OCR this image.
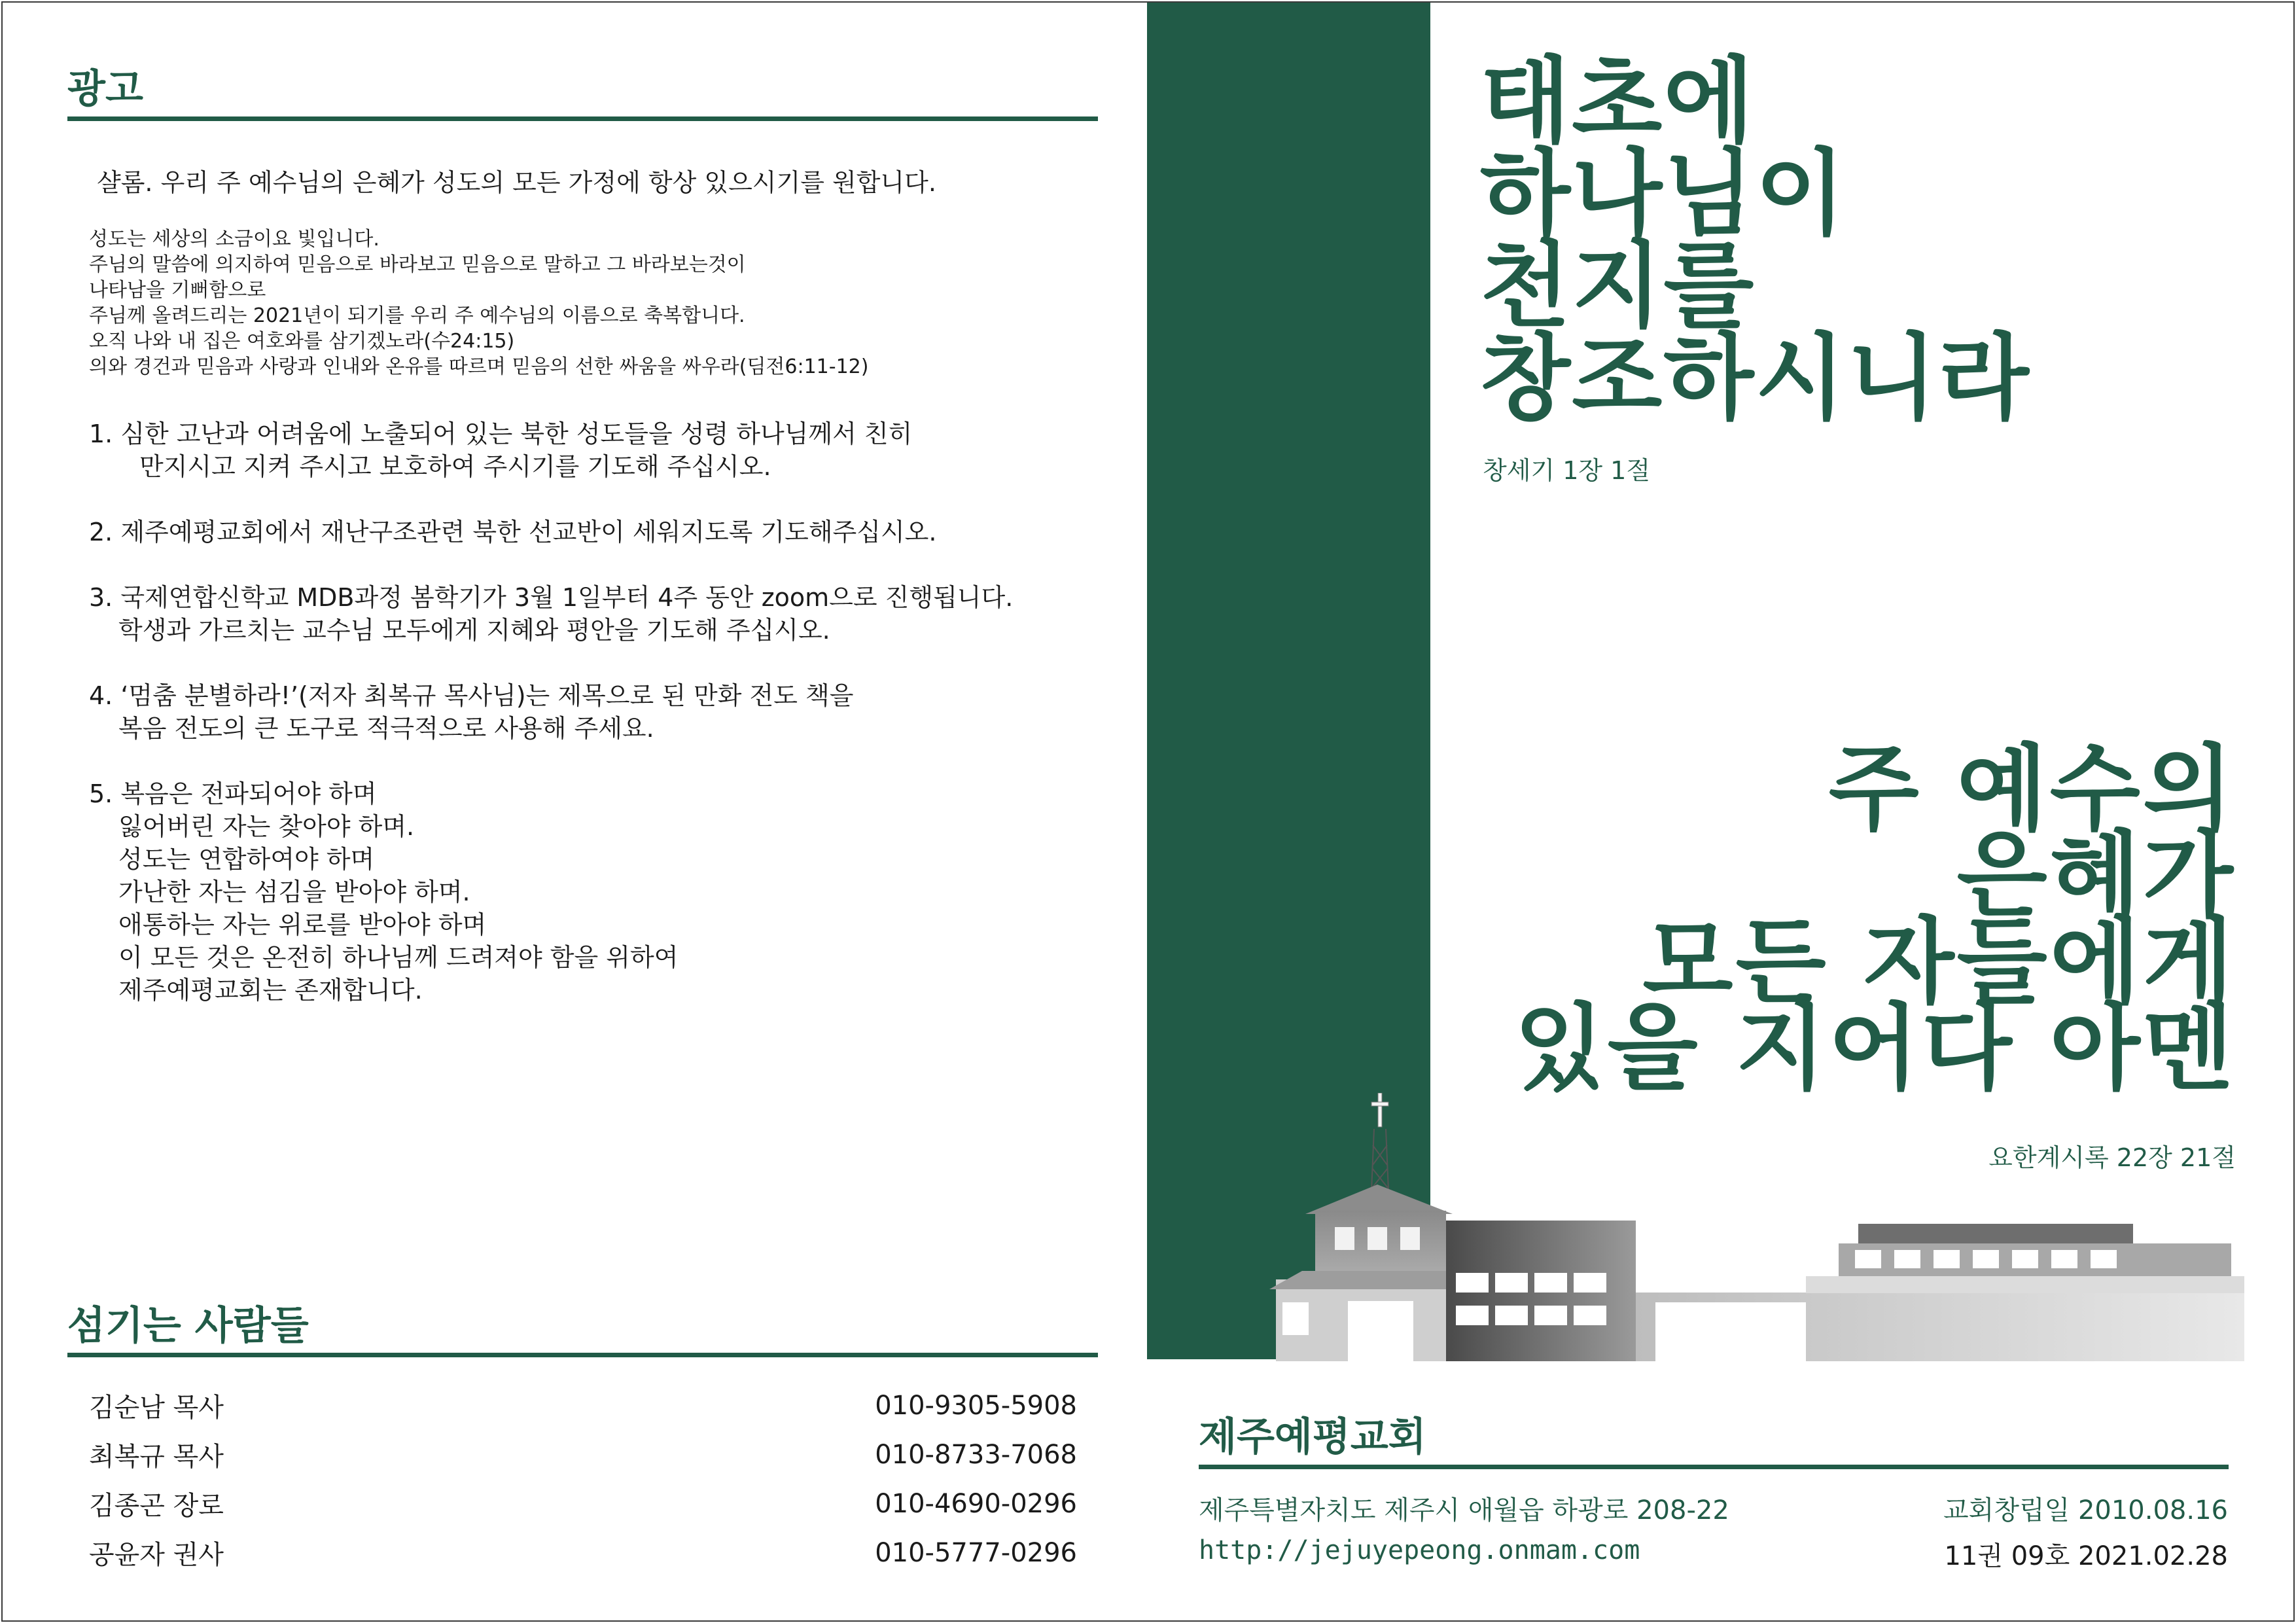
광고
샬롬. 우리 주 예수님의 은혜가 성도의 모든 가정에 항상 있으시기를 원합니다.
성도는 세상의 소금이요 빛입니다.
주님의 말씀에 의지하여 믿음으로 바라보고 믿음으로 말하고 그 바라보는것이
나타남을 기뻐함으로
주님께 올려드리는 2021년이 되기를 우리 주 예수님의 이름으로 축복합니다.
오직 나와 내 집은 여호와를 삼기겠노라(수24:15)
의와 경건과 믿음과 사랑과 인내와 온유를 따르며 믿음의 선한 싸움을 싸우라(딤전6:11-12)
1. 심한 고난과 어려움에 노출되어 있는 북한 성도들을 성령 하나님께서 친히
만지시고 지켜 주시고 보호하여 주시기를 기도해 주십시오.
2. 제주예평교회에서 재난구조관련 북한 선교반이 세워지도록 기도해주십시오.
3. 국제연합신학교 MDB과정 봄학기가 3월 1일부터 4주 동안 zoom으로 진행됩니다.
학생과 가르치는 교수님 모두에게 지혜와 평안을 기도해 주십시오.
4. ‘멈춤 분별하라!’(저자 최복규 목사님)는 제목으로 된 만화 전도 책을
복음 전도의 큰 도구로 적극적으로 사용해 주세요.
5. 복음은 전파되어야 하며
잃어버린 자는 찾아야 하며.
성도는 연합하여야 하며
가난한 자는 섬김을 받아야 하며.
애통하는 자는 위로를 받아야 하며
이 모든 것은 온전히 하나님께 드려져야 함을 위하여
제주예평교회는 존재합니다.
섬기는 사람들
김순남 목사	010-9305-5908
최복규 목사	010-8733-7068
김종곤 장로	010-4690-0296
공윤자 권사	010-5777-0296
태초에
하나님이
천지를
창조하시니라
창세기 1장 1절
주 예수의
은혜가
모든 자들에게
있을 지어다 아멘
요한계시록 22장 21절
제주예평교회
제주특별자치도 제주시 애월읍 하광로 208-22
http://jejuyepeong.onmam.com
교회창립일 2010.08.16
11권 09호 2021.02.28
